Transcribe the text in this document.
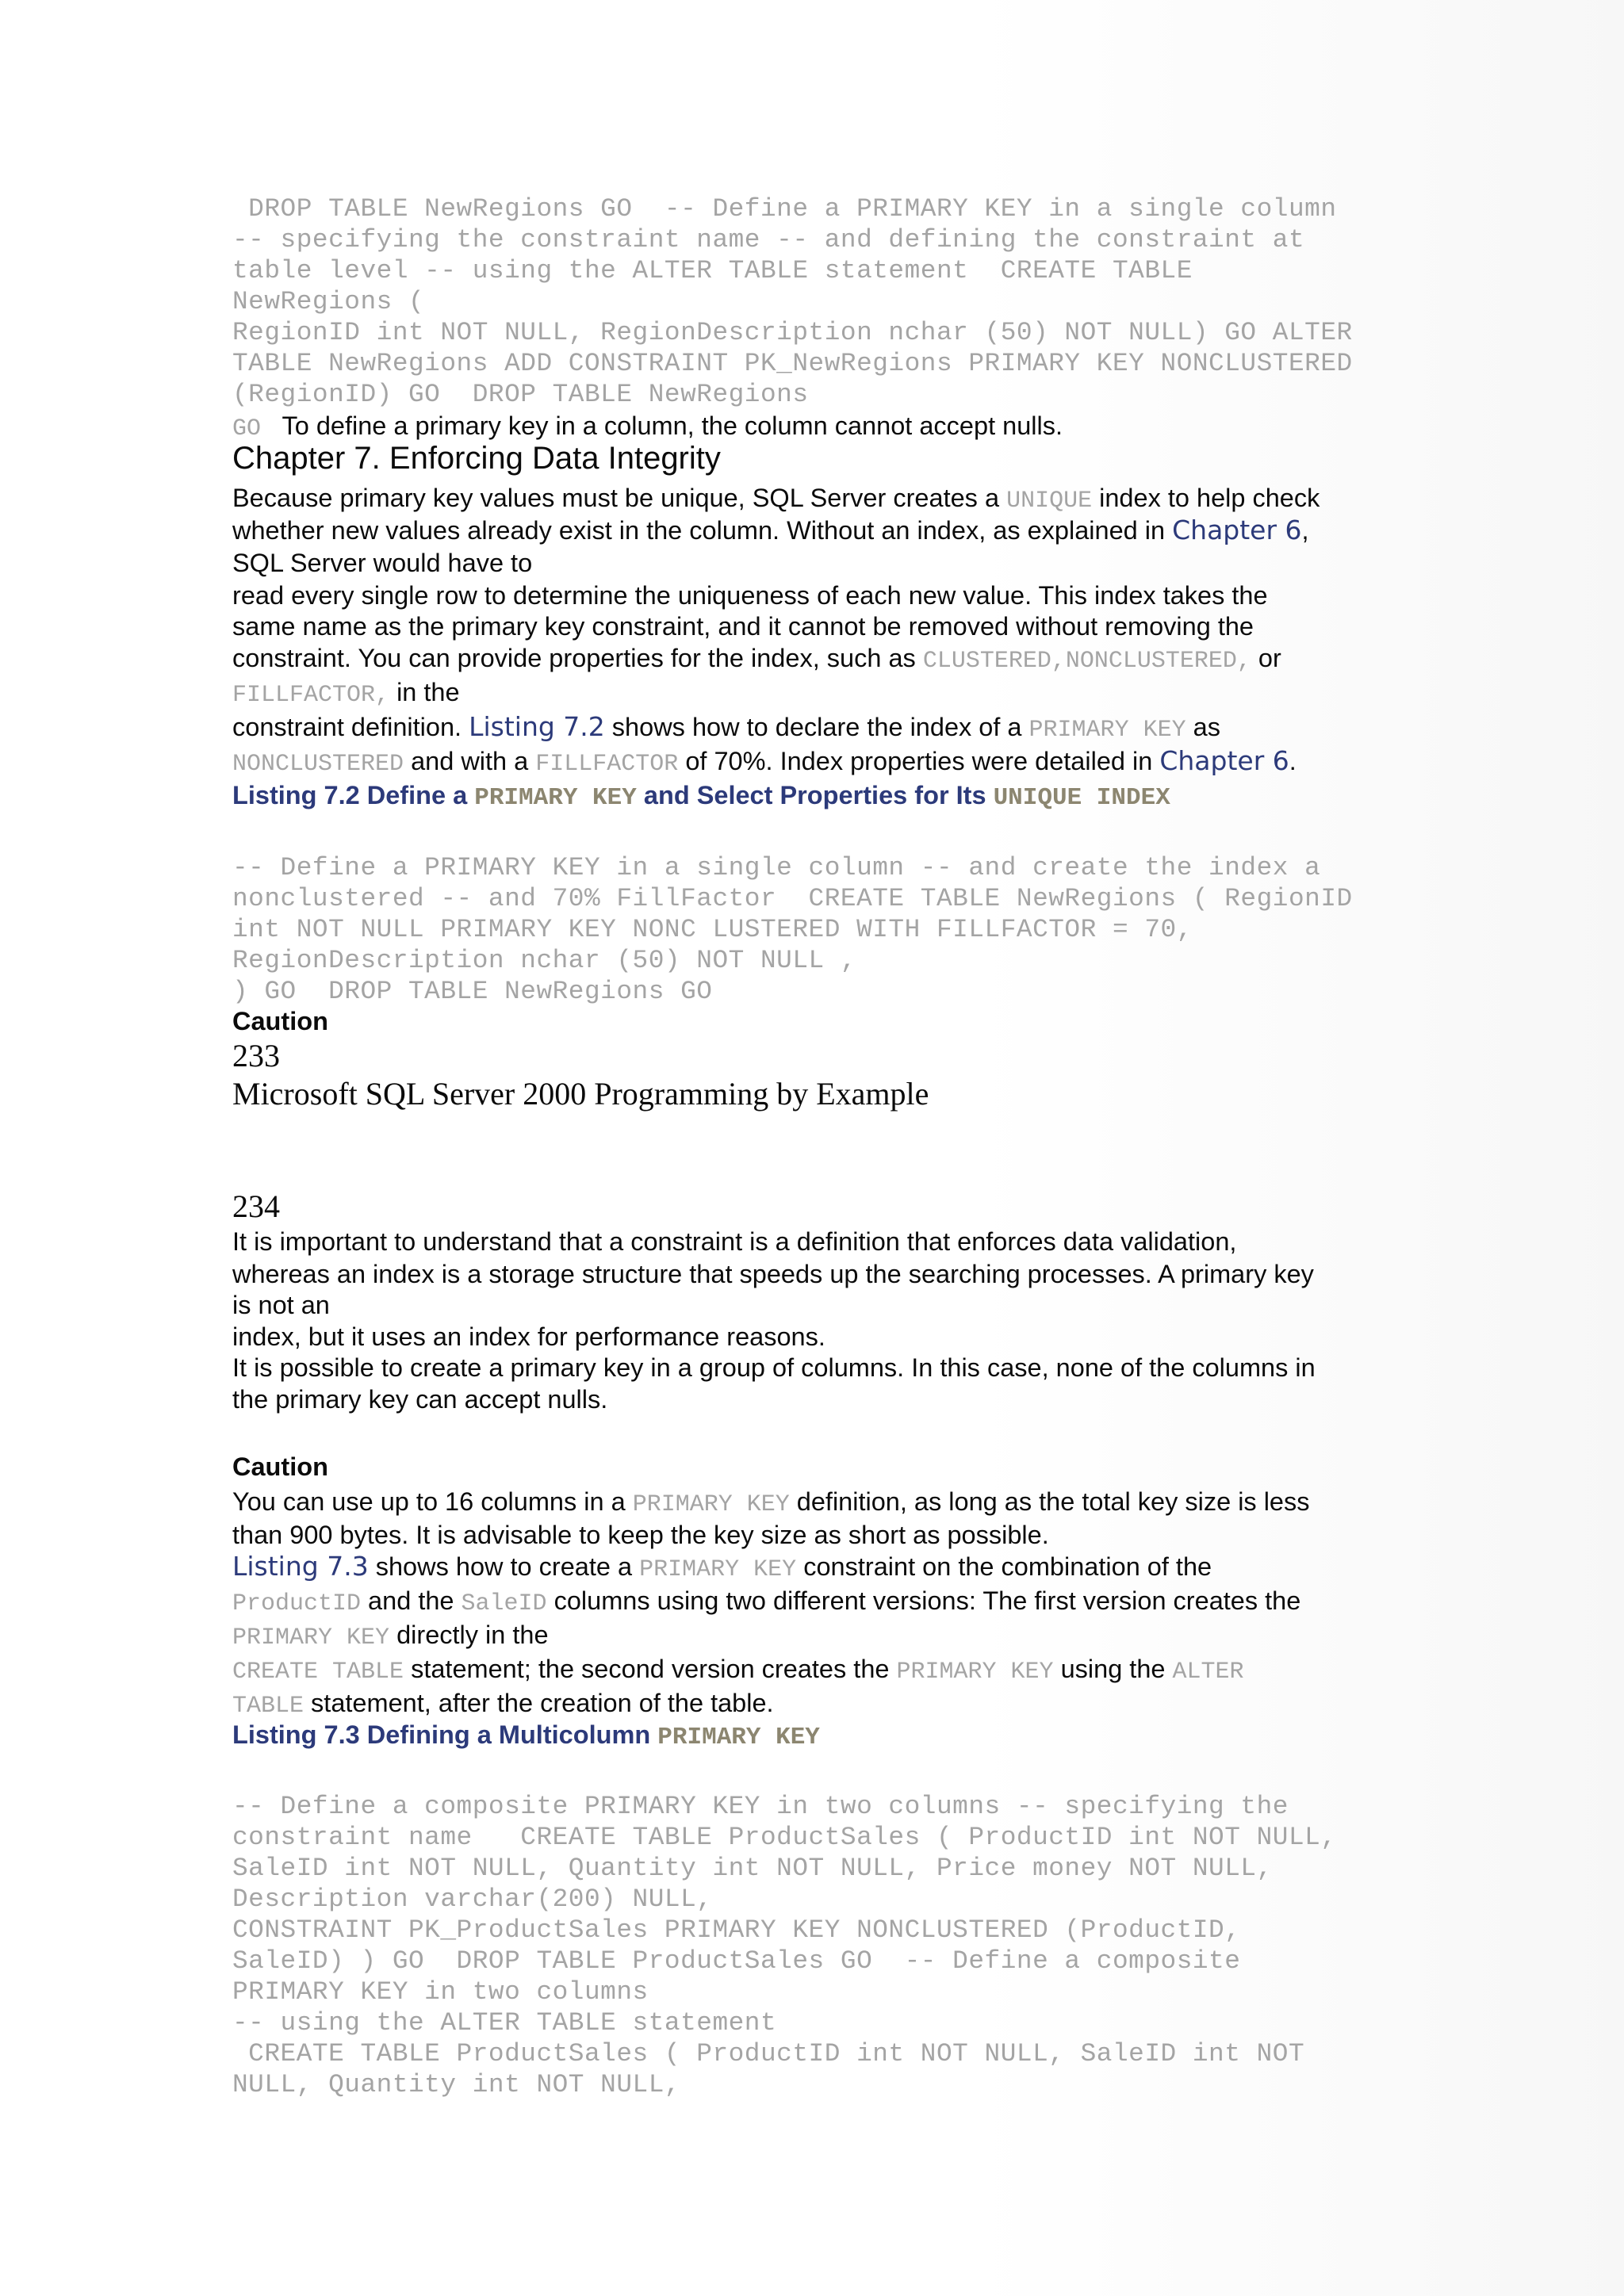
DROP TABLE NewRegions GO  -- Define a PRIMARY KEY in a single column
-- specifying the constraint name -- and defining the constraint at
table level -- using the ALTER TABLE statement  CREATE TABLE
NewRegions (
RegionID int NOT NULL, RegionDescription nchar (50) NOT NULL) GO ALTER
TABLE NewRegions ADD CONSTRAINT PK_NewRegions PRIMARY KEY NONCLUSTERED
(RegionID) GO  DROP TABLE NewRegions
GO  To define a primary key in a column, the column cannot accept nulls.
Chapter 7. Enforcing Data Integrity
Because primary key values must be unique, SQL Server creates a UNIQUE index to help check
whether new values already exist in the column. Without an index, as explained in Chapter 6,
SQL Server would have to
read every single row to determine the uniqueness of each new value. This index takes the
same name as the primary key constraint, and it cannot be removed without removing the
constraint. You can provide properties for the index, such as CLUSTERED,NONCLUSTERED, or
FILLFACTOR, in the
constraint definition. Listing 7.2 shows how to declare the index of a PRIMARY KEY as
NONCLUSTERED and with a FILLFACTOR of 70%. Index properties were detailed in Chapter 6.
Listing 7.2 Define a PRIMARY KEY and Select Properties for Its UNIQUE INDEX
-- Define a PRIMARY KEY in a single column -- and create the index a
nonclustered -- and 70% FillFactor  CREATE TABLE NewRegions ( RegionID
int NOT NULL PRIMARY KEY NONC LUSTERED WITH FILLFACTOR = 70,
RegionDescription nchar (50) NOT NULL ,
) GO  DROP TABLE NewRegions GO
Caution
233
Microsoft SQL Server 2000 Programming by Example
234
It is important to understand that a constraint is a definition that enforces data validation,
whereas an index is a storage structure that speeds up the searching processes. A primary key
is not an
index, but it uses an index for performance reasons.
It is possible to create a primary key in a group of columns. In this case, none of the columns in
the primary key can accept nulls.
Caution
You can use up to 16 columns in a PRIMARY KEY definition, as long as the total key size is less
than 900 bytes. It is advisable to keep the key size as short as possible.
Listing 7.3 shows how to create a PRIMARY KEY constraint on the combination of the
ProductID and the SaleID columns using two different versions: The first version creates the
PRIMARY KEY directly in the
CREATE TABLE statement; the second version creates the PRIMARY KEY using the ALTER
TABLE statement, after the creation of the table.
Listing 7.3 Defining a Multicolumn PRIMARY KEY
-- Define a composite PRIMARY KEY in two columns -- specifying the
constraint name   CREATE TABLE ProductSales ( ProductID int NOT NULL,
SaleID int NOT NULL, Quantity int NOT NULL, Price money NOT NULL,
Description varchar(200) NULL,
CONSTRAINT PK_ProductSales PRIMARY KEY NONCLUSTERED (ProductID,
SaleID) ) GO  DROP TABLE ProductSales GO  -- Define a composite
PRIMARY KEY in two columns
-- using the ALTER TABLE statement
CREATE TABLE ProductSales ( ProductID int NOT NULL, SaleID int NOT
NULL, Quantity int NOT NULL,
